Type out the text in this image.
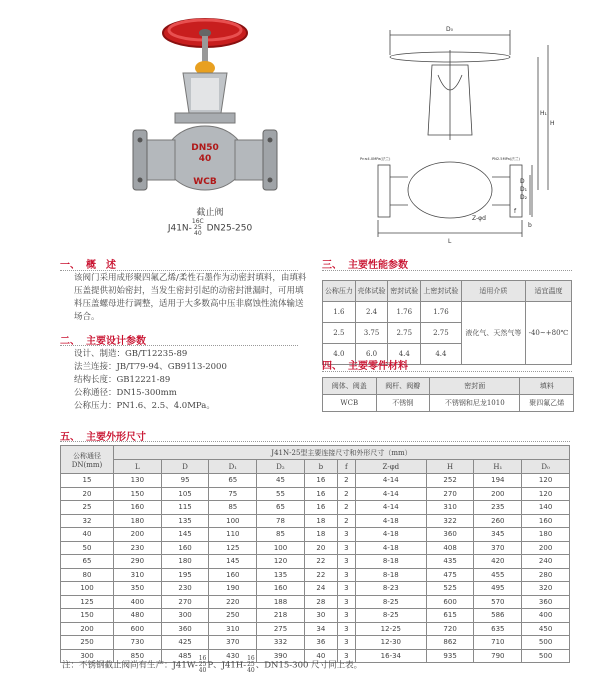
DN50
40
WCB
截止阀
J41N-16C
25
40 DN25-250
D₀
H₁
H
L
Z-φd
f
D
D₁
D₂
b
Pn≤4.0MPa(法兰)	PN2.5MPa(法兰)
一、 概　述
该阀门采用成形聚四氟乙烯/柔性石墨作为动密封填料，由填料压盖提供初始密封，当发生密封引起的动密封泄漏时，可用填料压盖螺母进行调整，适用于大多数高中压非腐蚀性流体输送场合。
二、 主要设计参数
设计、制造：GB/T12235-89
法兰连接：JB/T79-94、GB9113-2000
结构长度：GB12221-89
公称通径：DN15-300mm
公称压力：PN1.6、2.5、4.0MPa。
三、 主要性能参数
公称压力	壳体试验	密封试验	上密封试验	适用介质	适宜温度
1.6	2.4	1.76	1.76	液化气、天然气等	-40~+80℃
2.5	3.75	2.75	2.75		
4.0	6.0	4.4	4.4		
四、 主要零件材料
阀体、阀盖	阀杆、阀瓣	密封面	填料
WCB	不锈钢	不锈钢和尼龙1010	聚四氟乙烯
五、 主要外形尺寸
公称通径 DN(mm)	J41N-25型主要连接尺寸和外形尺寸（mm）									
	L	D	D₁	D₂	b	f	Z-φd	H	H₁	D₀
15	130	95	65	45	16	2	4-14	252	194	120
20	150	105	75	55	16	2	4-14	270	200	120
25	160	115	85	65	16	2	4-14	310	235	140
32	180	135	100	78	18	2	4-18	322	260	160
40	200	145	110	85	18	3	4-18	360	345	180
50	230	160	125	100	20	3	4-18	408	370	200
65	290	180	145	120	22	3	8-18	435	420	240
80	310	195	160	135	22	3	8-18	475	455	280
100	350	230	190	160	24	3	8-23	525	495	320
125	400	270	220	188	28	3	8-25	600	570	360
150	480	300	250	218	30	3	8-25	615	586	400
200	600	360	310	275	34	3	12-25	720	635	450
250	730	425	370	332	36	3	12-30	862	710	500
300	850	485	430	390	40	3	16-34	935	790	500
注：不锈钢截止阀尚有生产：J41W-16
25
40P、J41H-16
25
40、DN15-300 尺寸同上表。
